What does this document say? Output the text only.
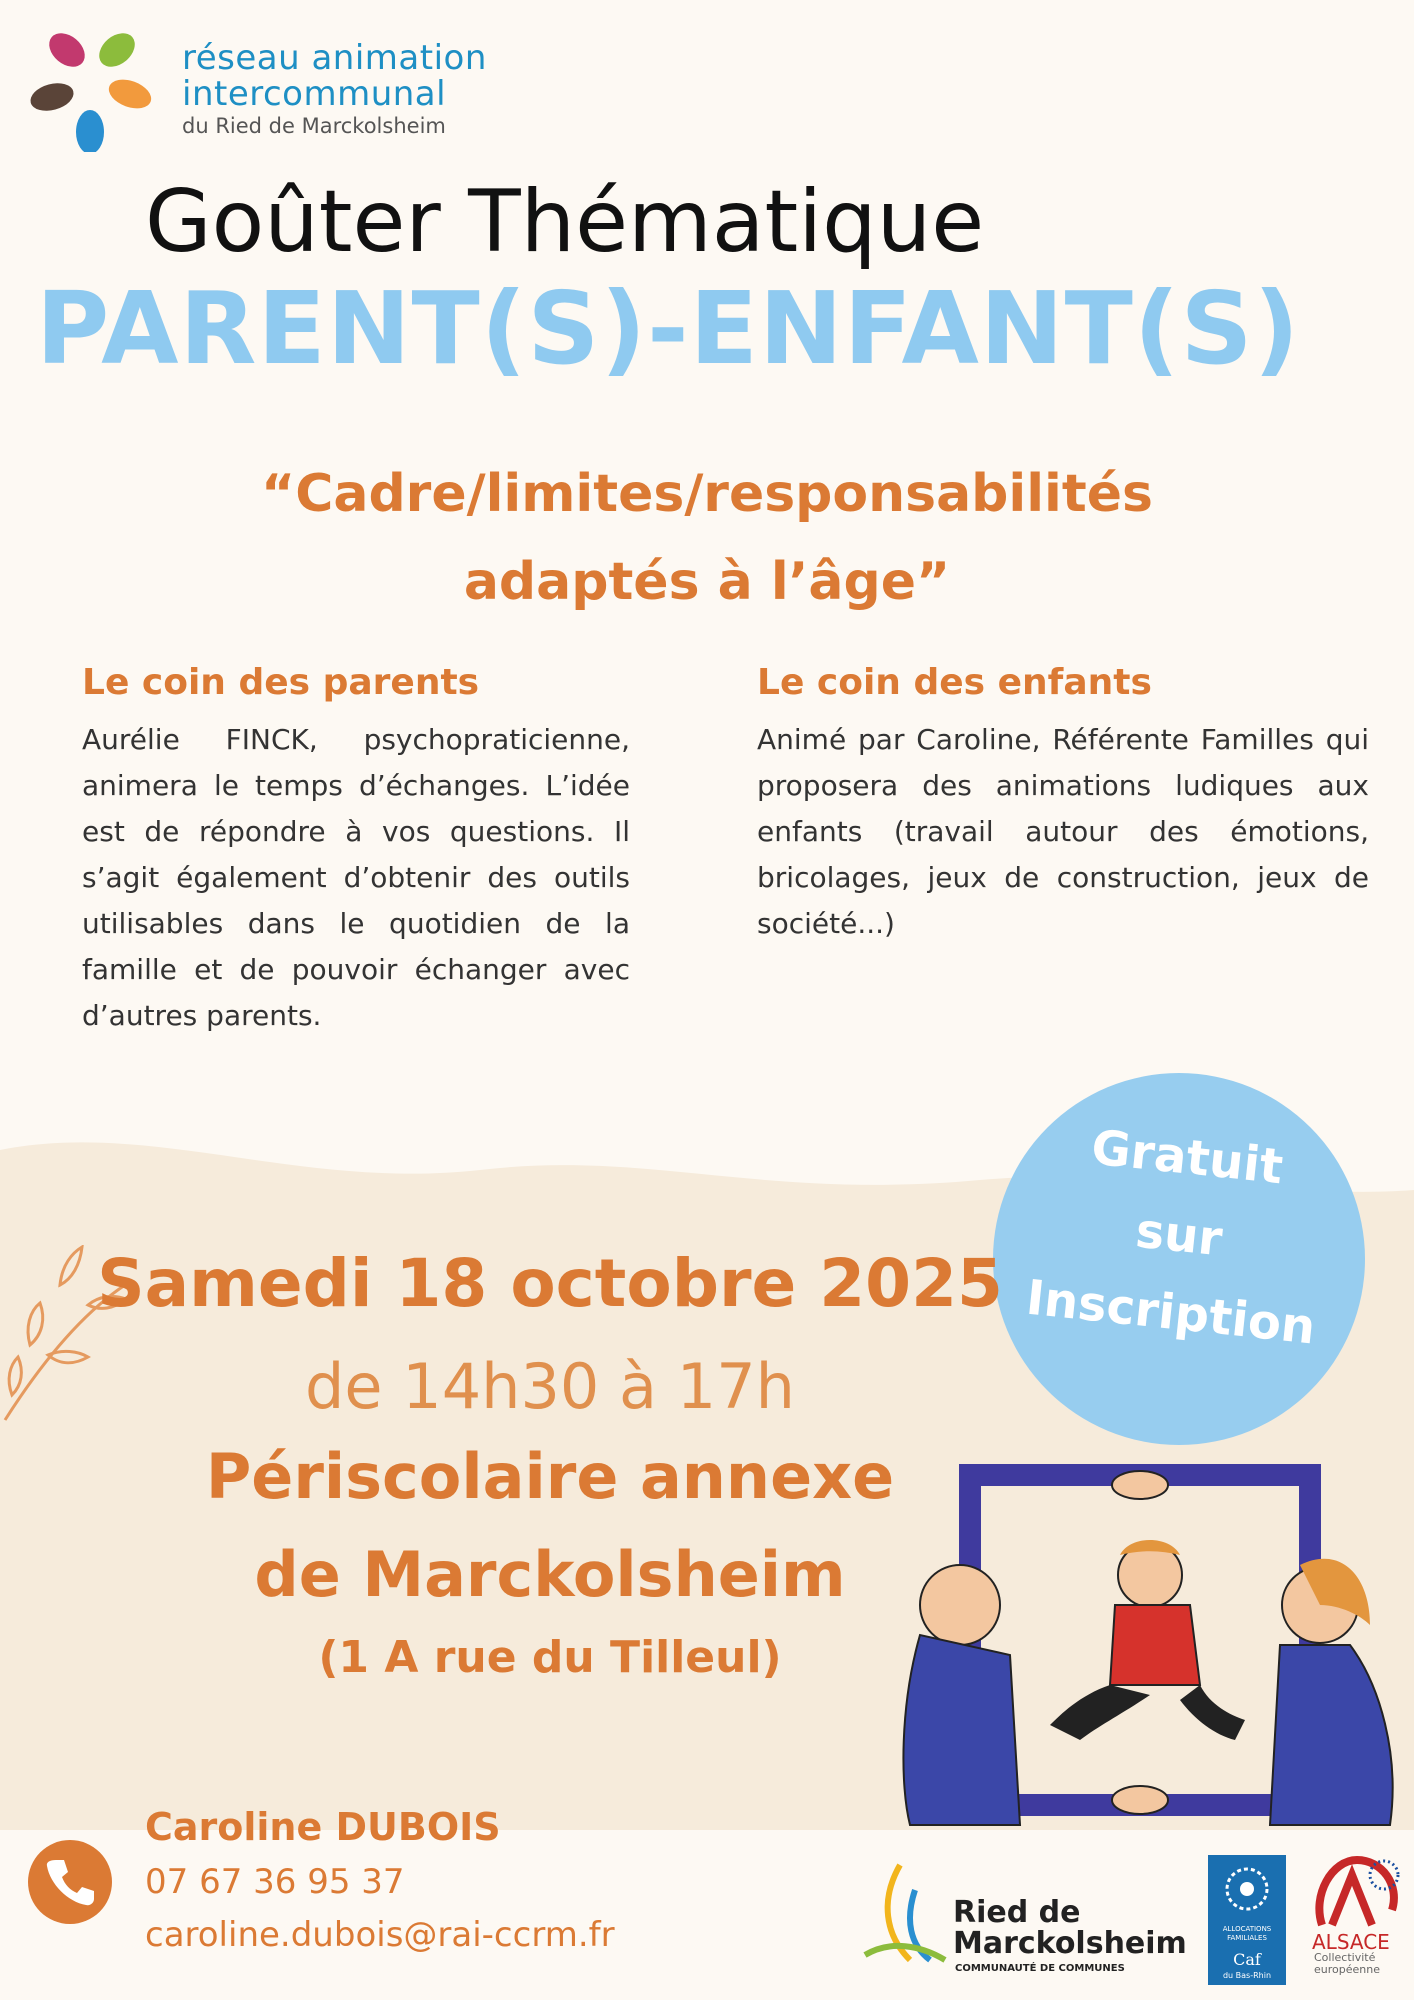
réseau animation
intercommunal
du Ried de Marckolsheim
Goûter Thématique
PARENT(S)-ENFANT(S)
“Cadre/limites/responsabilités
adaptés à l’âge”
Le coin des parents
Aurélie FINCK, psychopraticienne, animera le temps d’échanges. L’idée est de répondre à vos questions. Il s’agit également d’obtenir des outils utilisables dans le quotidien de la famille et de pouvoir échanger avec d’autres parents.
Le coin des enfants
Animé par Caroline, Référente Familles qui proposera des animations ludiques aux enfants (travail autour des émotions, bricolages, jeux de construction, jeux de société...)
Gratuit
sur
Inscription
Samedi 18 octobre 2025
de 14h30 à 17h
Périscolaire annexe
de Marckolsheim
(1 A rue du Tilleul)
Caroline DUBOIS
07 67 36 95 37
caroline.dubois@rai-ccrm.fr
Ried de
Marckolsheim
COMMUNAUTÉ DE COMMUNES
ALLOCATIONS FAMILIALES
Caf
du Bas-Rhin
ALSACE
Collectivité européenne
